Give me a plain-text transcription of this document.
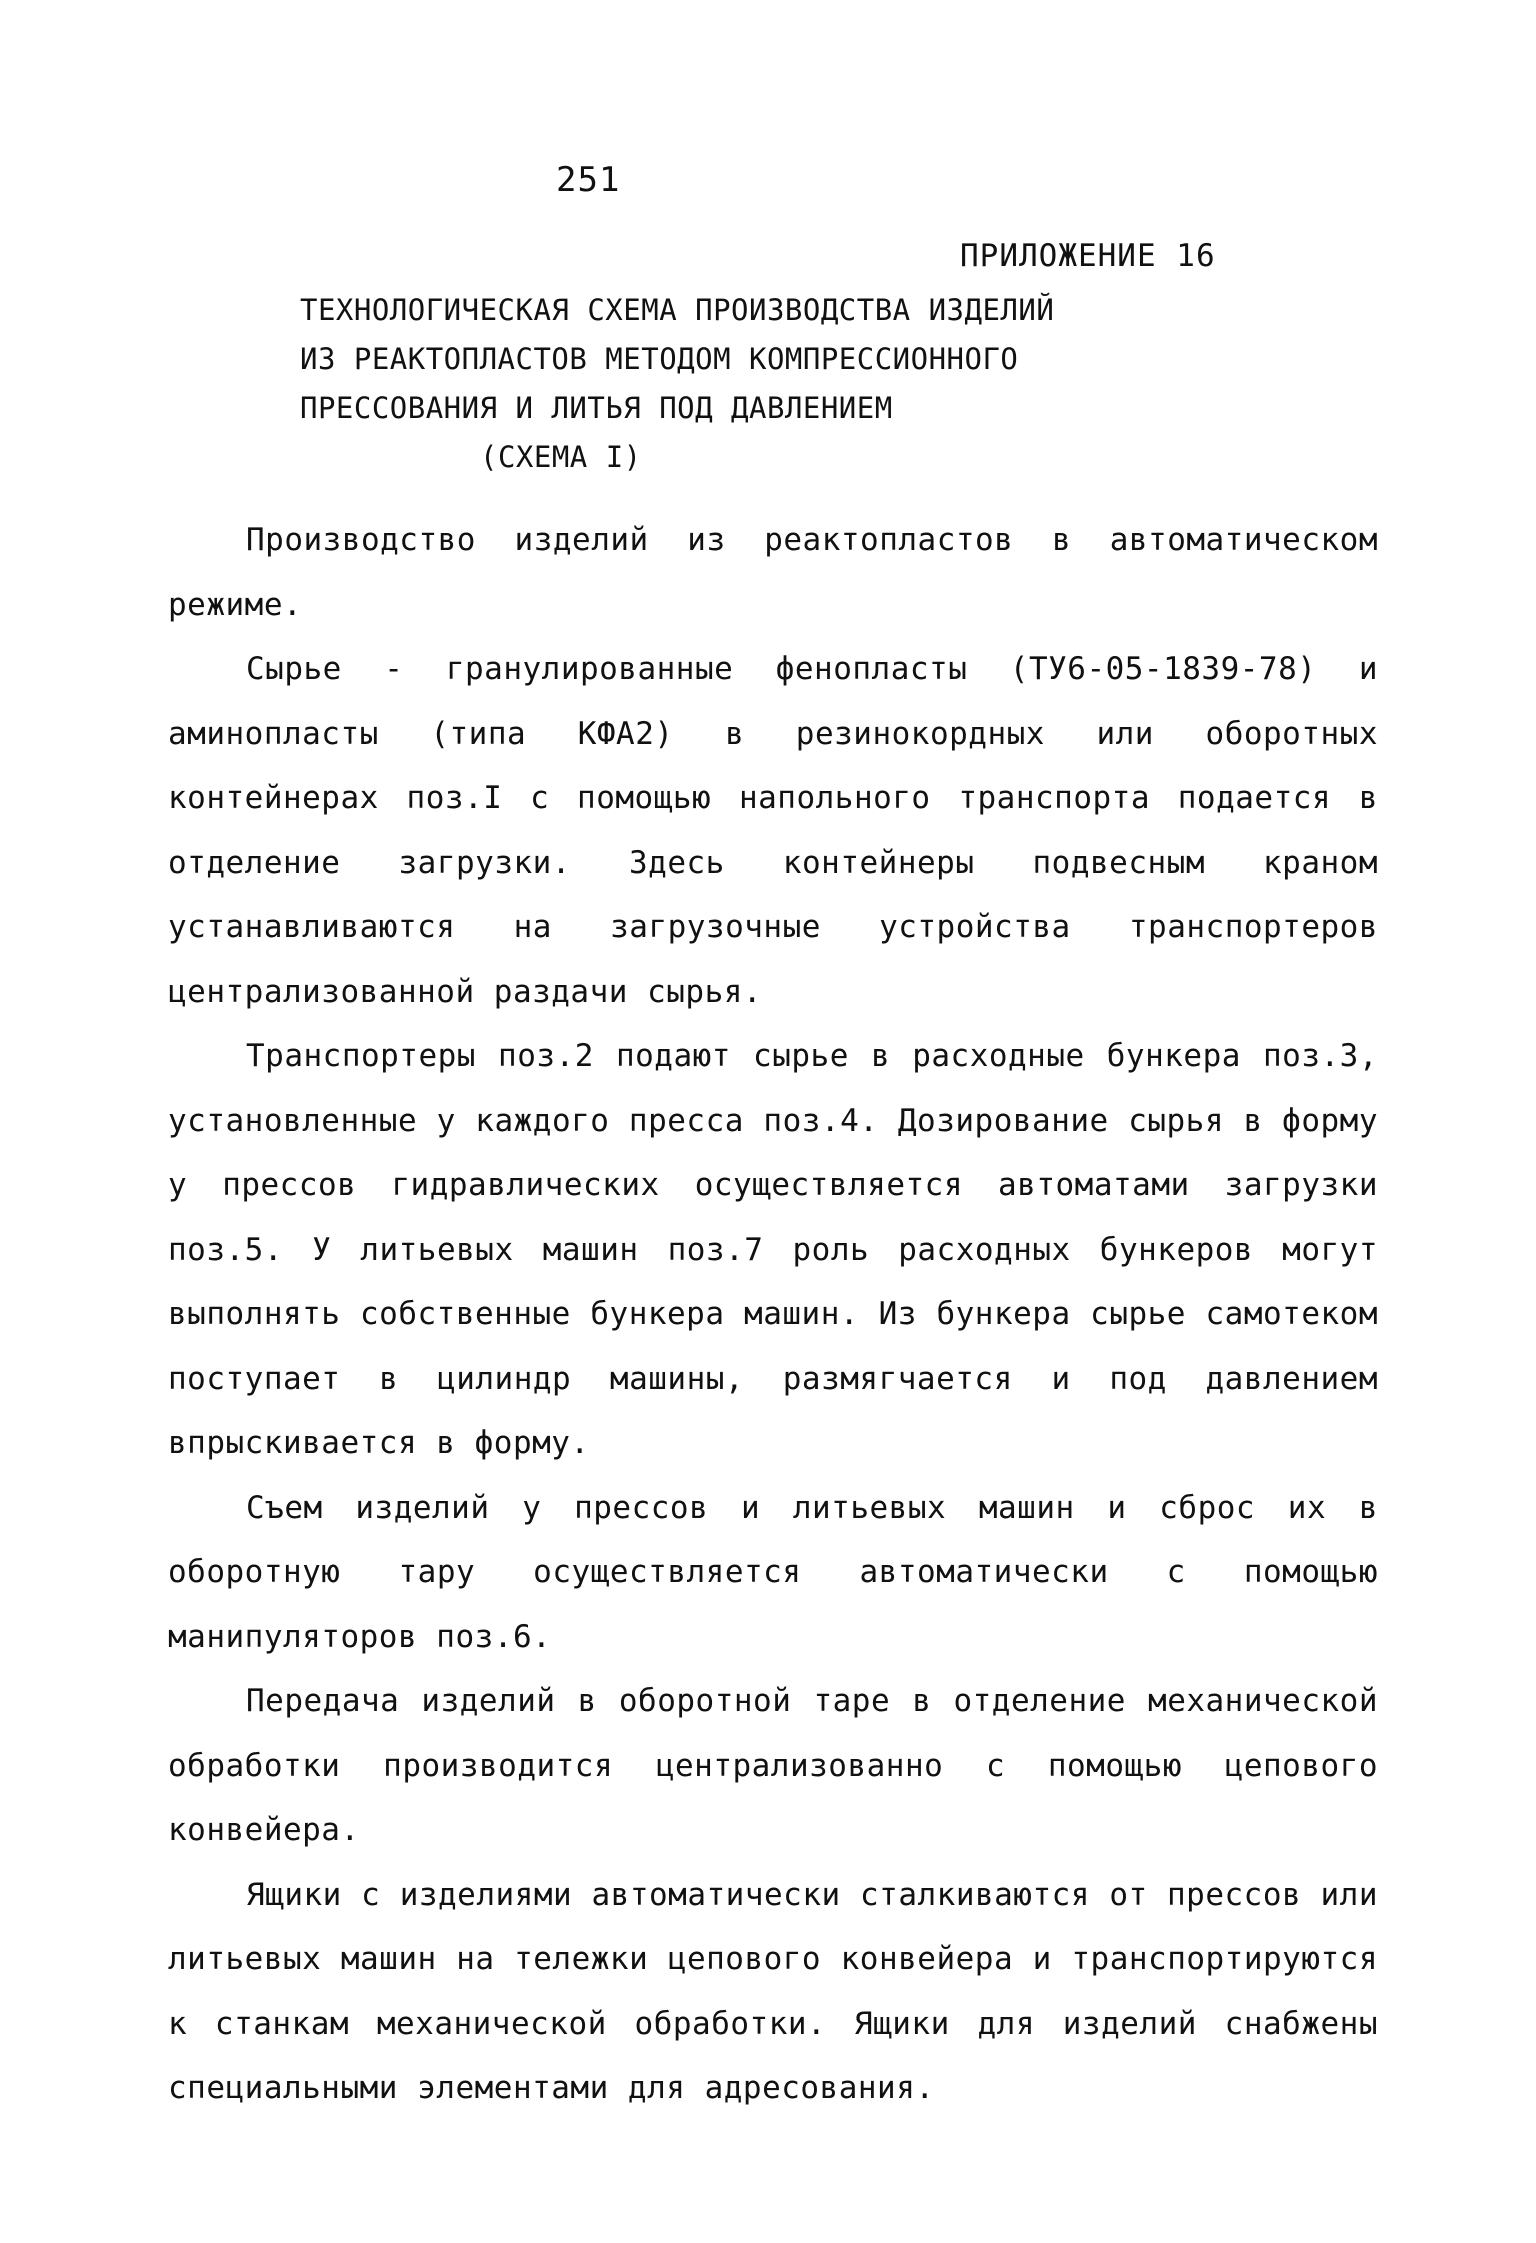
251
ПРИЛОЖЕНИЕ 16
ТЕХНОЛОГИЧЕСКАЯ СХЕМА ПРОИЗВОДСТВА ИЗДЕЛИЙ
ИЗ РЕАКТОПЛАСТОВ МЕТОДОМ КОМПРЕССИОННОГО
ПРЕССОВАНИЯ И ЛИТЬЯ ПОД ДАВЛЕНИЕМ
(СХЕМА I)

Производство изделий из реактопластов в автоматическом режиме.

Сырье - гранулированные фенопласты (ТУ6-05-1839-78) и аминопласты (типа КФА2) в резинокордных или оборотных контейнерах поз.I с помощью напольного транспорта подается в отделение загрузки. Здесь контейнеры подвесным краном устанавливаются на загрузочные устройства транспортеров централизованной раздачи сырья.

Транспортеры поз.2 подают сырье в расходные бункера поз.3, установленные у каждого пресса поз.4. Дозирование сырья в форму у прессов гидравлических осуществляется автоматами загрузки поз.5. У литьевых машин поз.7 роль расходных бункеров могут выполнять собственные бункера машин. Из бункера сырье самотеком поступает в цилиндр машины, размягчается и под давлением впрыскивается в форму.

Съем изделий у прессов и литьевых машин и сброс их в оборотную тару осуществляется автоматически с помощью манипуляторов поз.6.

Передача изделий в оборотной таре в отделение механической обработки производится централизованно с помощью цепового конвейера.

Ящики с изделиями автоматически сталкиваются от прессов или литьевых машин на тележки цепового конвейера и транспортируются к станкам механической обработки. Ящики для изделий снабжены специальными элементами для адресования.
